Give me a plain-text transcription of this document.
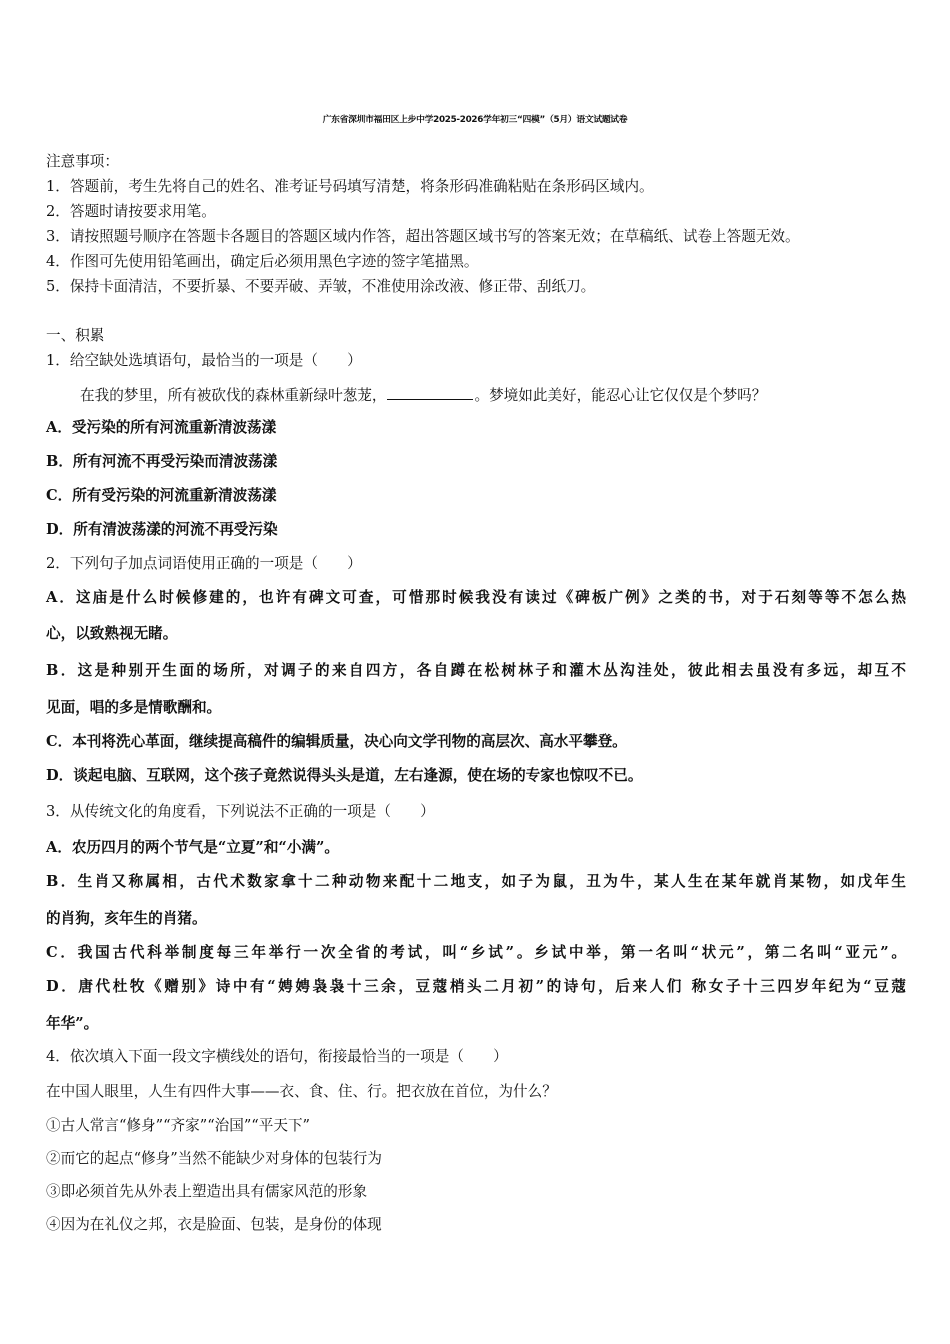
广东省深圳市福田区上步中学2025-2026学年初三“四模”（5月）语文试题试卷
注意事项：
1．答题前，考生先将自己的姓名、准考证号码填写清楚，将条形码准确粘贴在条形码区域内。
2．答题时请按要求用笔。
3．请按照题号顺序在答题卡各题目的答题区域内作答，超出答题区域书写的答案无效；在草稿纸、试卷上答题无效。
4．作图可先使用铅笔画出，确定后必须用黑色字迹的签字笔描黑。
5．保持卡面清洁，不要折暴、不要弄破、弄皱，不准使用涂改液、修正带、刮纸刀。
一、积累
1．给空缺处选填语句，最恰当的一项是（　　）
在我的梦里，所有被砍伐的森林重新绿叶葱茏，	。梦境如此美好，能忍心让它仅仅是个梦吗？
A．受污染的所有河流重新清波荡漾
B．所有河流不再受污染而清波荡漾
C．所有受污染的河流重新清波荡漾
D．所有清波荡漾的河流不再受污染
2．下列句子加点词语使用正确的一项是（　　）
A．这庙是什么时候修建的，也许有碑文可查，可惜那时候我没有读过《碑板广例》之类的书，对于石刻等等不怎么热
心，以致熟视无睹。
B．这是种别开生面的场所，对调子的来自四方，各自蹲在松树林子和灌木丛沟洼处，彼此相去虽没有多远，却互不
见面，唱的多是情歌酬和。
C．本刊将洗心革面，继续提高稿件的编辑质量，决心向文学刊物的高层次、高水平攀登。
D．谈起电脑、互联网，这个孩子竟然说得头头是道，左右逢源，使在场的专家也惊叹不已。
3．从传统文化的角度看，下列说法不正确的一项是（　　）
A．农历四月的两个节气是“立夏”和“小满”。
B．生肖又称属相，古代术数家拿十二种动物来配十二地支，如子为鼠，丑为牛，某人生在某年就肖某物，如戊年生
的肖狗，亥年生的肖猪。
C．我国古代科举制度每三年举行一次全省的考试，叫“乡试”。乡试中举，第一名叫“状元”，第二名叫“亚元”。
D．唐代杜牧《赠别》诗中有“娉娉袅袅十三余，豆蔻梢头二月初”的诗句，后来人们 称女子十三四岁年纪为“豆蔻
年华”。
4．依次填入下面一段文字横线处的语句，衔接最恰当的一项是（　　）
在中国人眼里，人生有四件大事——衣、食、住、行。把衣放在首位，为什么？
①古人常言“修身”“齐家”“治国”“平天下”
②而它的起点“修身”当然不能缺少对身体的包装行为
③即必须首先从外表上塑造出具有儒家风范的形象
④因为在礼仪之邦，衣是脸面、包装，是身份的体现
